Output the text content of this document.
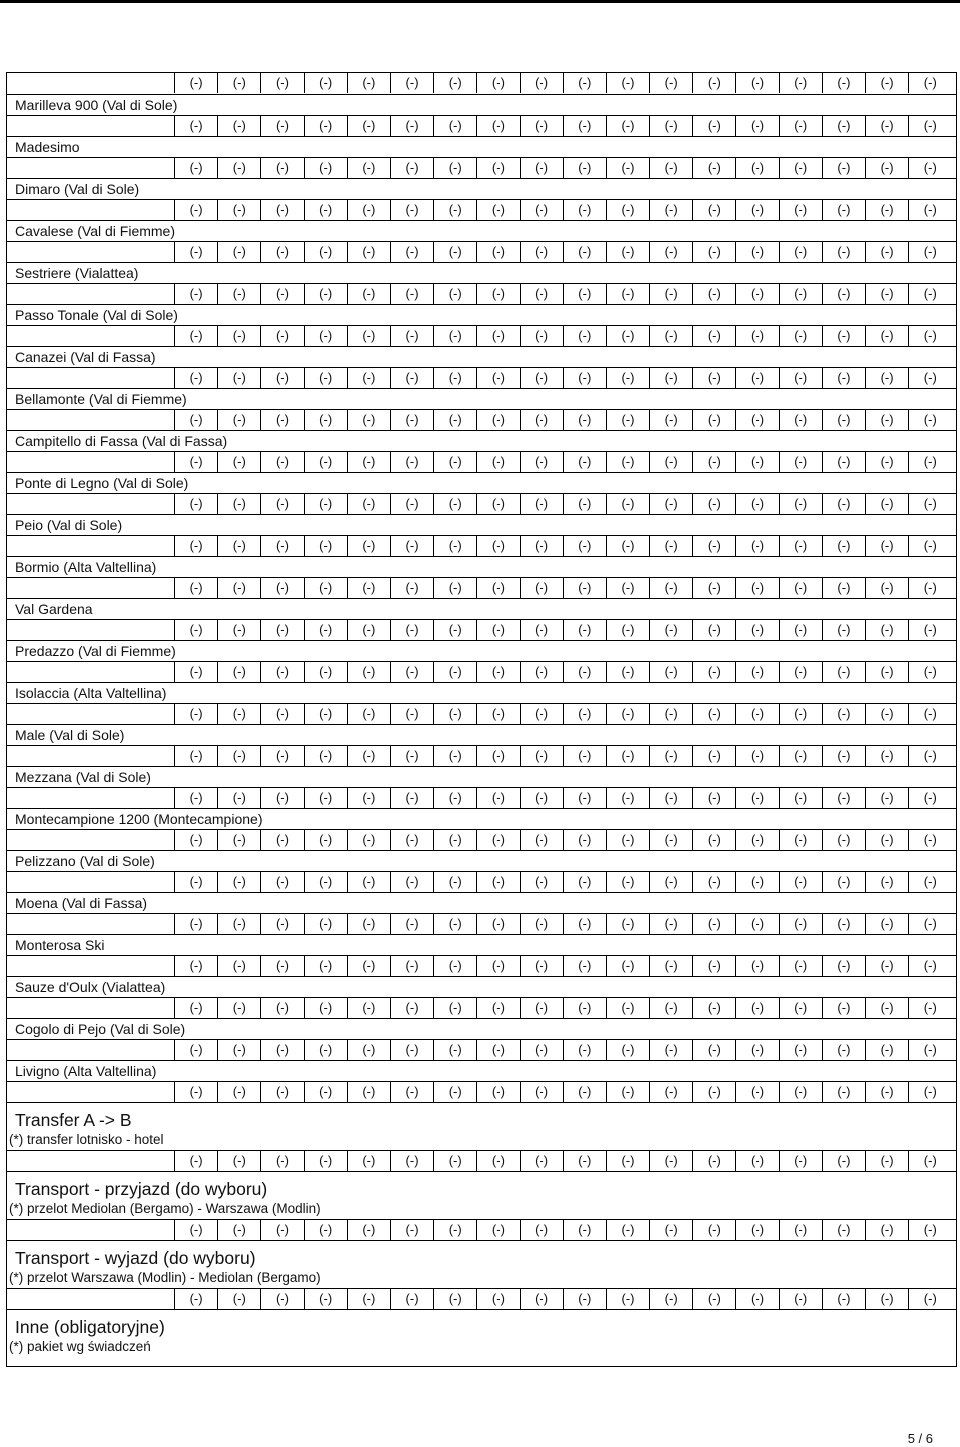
(-)	(-)	(-)	(-)	(-)	(-)	(-)	(-)	(-)	(-)	(-)	(-)	(-)	(-)	(-)	(-)	(-)	(-)
Marilleva 900 (Val di Sole)
(-)	(-)	(-)	(-)	(-)	(-)	(-)	(-)	(-)	(-)	(-)	(-)	(-)	(-)	(-)	(-)	(-)	(-)
Madesimo
(-)	(-)	(-)	(-)	(-)	(-)	(-)	(-)	(-)	(-)	(-)	(-)	(-)	(-)	(-)	(-)	(-)	(-)
Dimaro (Val di Sole)
(-)	(-)	(-)	(-)	(-)	(-)	(-)	(-)	(-)	(-)	(-)	(-)	(-)	(-)	(-)	(-)	(-)	(-)
Cavalese (Val di Fiemme)
(-)	(-)	(-)	(-)	(-)	(-)	(-)	(-)	(-)	(-)	(-)	(-)	(-)	(-)	(-)	(-)	(-)	(-)
Sestriere (Vialattea)
(-)	(-)	(-)	(-)	(-)	(-)	(-)	(-)	(-)	(-)	(-)	(-)	(-)	(-)	(-)	(-)	(-)	(-)
Passo Tonale (Val di Sole)
(-)	(-)	(-)	(-)	(-)	(-)	(-)	(-)	(-)	(-)	(-)	(-)	(-)	(-)	(-)	(-)	(-)	(-)
Canazei (Val di Fassa)
(-)	(-)	(-)	(-)	(-)	(-)	(-)	(-)	(-)	(-)	(-)	(-)	(-)	(-)	(-)	(-)	(-)	(-)
Bellamonte (Val di Fiemme)
(-)	(-)	(-)	(-)	(-)	(-)	(-)	(-)	(-)	(-)	(-)	(-)	(-)	(-)	(-)	(-)	(-)	(-)
Campitello di Fassa (Val di Fassa)
(-)	(-)	(-)	(-)	(-)	(-)	(-)	(-)	(-)	(-)	(-)	(-)	(-)	(-)	(-)	(-)	(-)	(-)
Ponte di Legno (Val di Sole)
(-)	(-)	(-)	(-)	(-)	(-)	(-)	(-)	(-)	(-)	(-)	(-)	(-)	(-)	(-)	(-)	(-)	(-)
Peio (Val di Sole)
(-)	(-)	(-)	(-)	(-)	(-)	(-)	(-)	(-)	(-)	(-)	(-)	(-)	(-)	(-)	(-)	(-)	(-)
Bormio (Alta Valtellina)
(-)	(-)	(-)	(-)	(-)	(-)	(-)	(-)	(-)	(-)	(-)	(-)	(-)	(-)	(-)	(-)	(-)	(-)
Val Gardena
(-)	(-)	(-)	(-)	(-)	(-)	(-)	(-)	(-)	(-)	(-)	(-)	(-)	(-)	(-)	(-)	(-)	(-)
Predazzo (Val di Fiemme)
(-)	(-)	(-)	(-)	(-)	(-)	(-)	(-)	(-)	(-)	(-)	(-)	(-)	(-)	(-)	(-)	(-)	(-)
Isolaccia (Alta Valtellina)
(-)	(-)	(-)	(-)	(-)	(-)	(-)	(-)	(-)	(-)	(-)	(-)	(-)	(-)	(-)	(-)	(-)	(-)
Male (Val di Sole)
(-)	(-)	(-)	(-)	(-)	(-)	(-)	(-)	(-)	(-)	(-)	(-)	(-)	(-)	(-)	(-)	(-)	(-)
Mezzana (Val di Sole)
(-)	(-)	(-)	(-)	(-)	(-)	(-)	(-)	(-)	(-)	(-)	(-)	(-)	(-)	(-)	(-)	(-)	(-)
Montecampione 1200 (Montecampione)
(-)	(-)	(-)	(-)	(-)	(-)	(-)	(-)	(-)	(-)	(-)	(-)	(-)	(-)	(-)	(-)	(-)	(-)
Pelizzano (Val di Sole)
(-)	(-)	(-)	(-)	(-)	(-)	(-)	(-)	(-)	(-)	(-)	(-)	(-)	(-)	(-)	(-)	(-)	(-)
Moena (Val di Fassa)
(-)	(-)	(-)	(-)	(-)	(-)	(-)	(-)	(-)	(-)	(-)	(-)	(-)	(-)	(-)	(-)	(-)	(-)
Monterosa Ski
(-)	(-)	(-)	(-)	(-)	(-)	(-)	(-)	(-)	(-)	(-)	(-)	(-)	(-)	(-)	(-)	(-)	(-)
Sauze d'Oulx (Vialattea)
(-)	(-)	(-)	(-)	(-)	(-)	(-)	(-)	(-)	(-)	(-)	(-)	(-)	(-)	(-)	(-)	(-)	(-)
Cogolo di Pejo (Val di Sole)
(-)	(-)	(-)	(-)	(-)	(-)	(-)	(-)	(-)	(-)	(-)	(-)	(-)	(-)	(-)	(-)	(-)	(-)
Livigno (Alta Valtellina)
(-)	(-)	(-)	(-)	(-)	(-)	(-)	(-)	(-)	(-)	(-)	(-)	(-)	(-)	(-)	(-)	(-)	(-)
Transfer A -> B
(*) transfer lotnisko - hotel
(-)	(-)	(-)	(-)	(-)	(-)	(-)	(-)	(-)	(-)	(-)	(-)	(-)	(-)	(-)	(-)	(-)	(-)
Transport - przyjazd (do wyboru)
(*) przelot Mediolan (Bergamo) - Warszawa (Modlin)
(-)	(-)	(-)	(-)	(-)	(-)	(-)	(-)	(-)	(-)	(-)	(-)	(-)	(-)	(-)	(-)	(-)	(-)
Transport - wyjazd (do wyboru)
(*) przelot Warszawa (Modlin) - Mediolan (Bergamo)
(-)	(-)	(-)	(-)	(-)	(-)	(-)	(-)	(-)	(-)	(-)	(-)	(-)	(-)	(-)	(-)	(-)	(-)
Inne (obligatoryjne)
(*) pakiet wg świadczeń
5 / 6
